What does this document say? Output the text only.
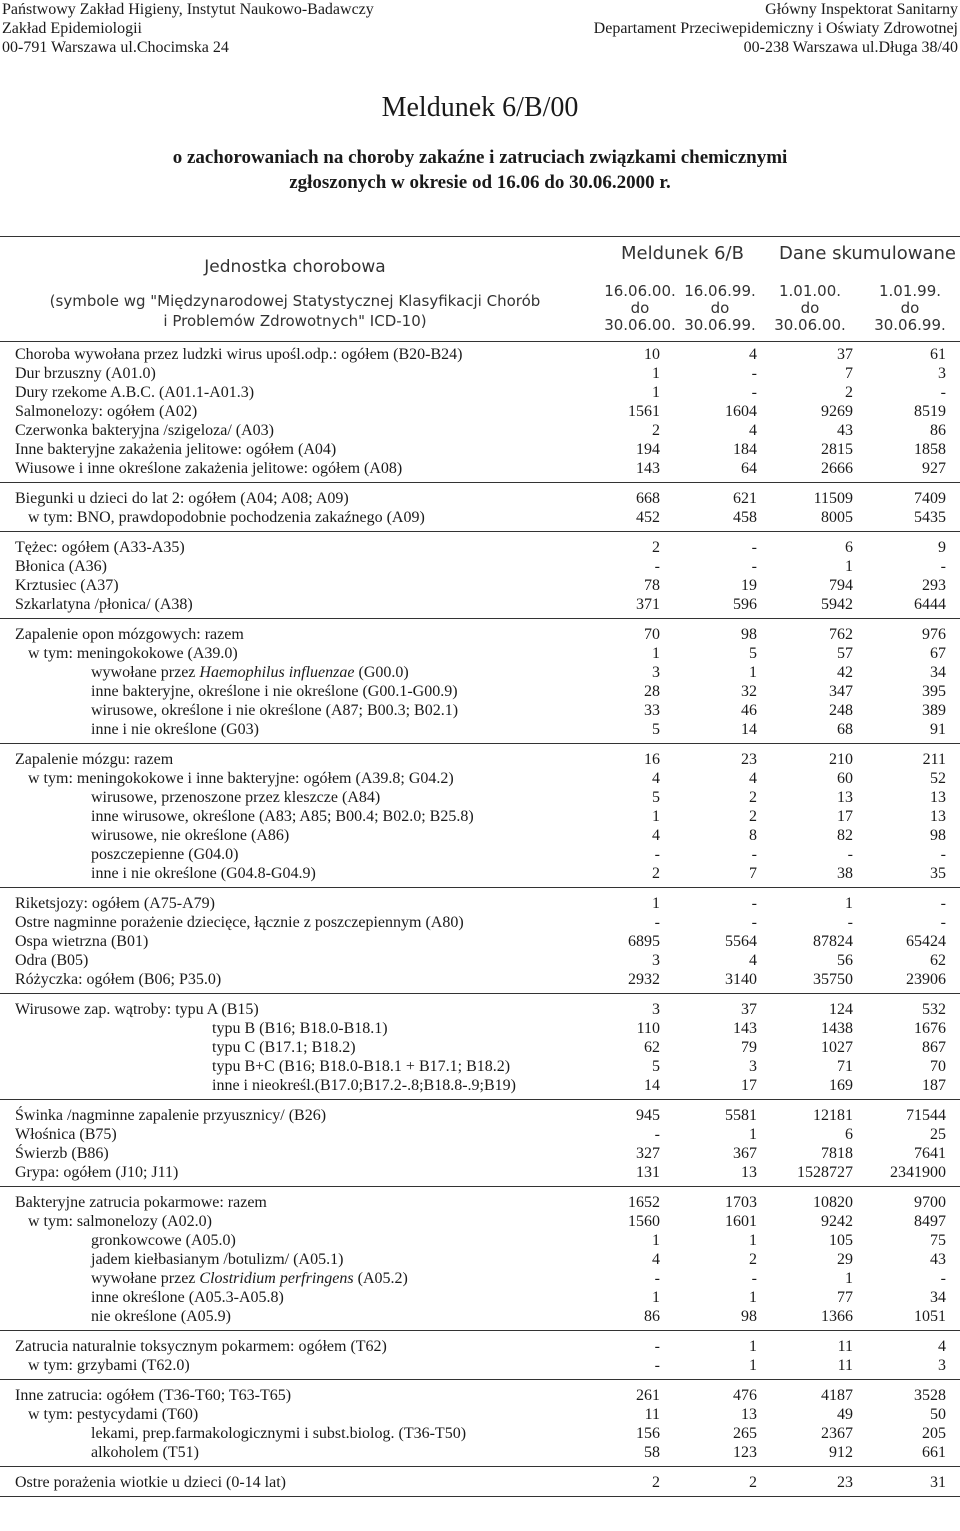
Państwowy Zakład Higieny, Instytut Naukowo-Badawczy
Zakład Epidemiologii
00-791 Warszawa ul.Chocimska 24
Główny Inspektorat Sanitarny
Departament Przeciwepidemiczny i Oświaty Zdrowotnej
00-238 Warszawa ul.Długa 38/40
Meldunek 6/B/00
o zachorowaniach na choroby zakaźne i zatruciach związkami chemicznymi
zgłoszonych w okresie od 16.06 do 30.06.2000 r.
Jednostka chorobowa
(symbole wg "Międzynarodowej Statystycznej Klasyfikacji Chorób
i Problemów Zdrowotnych" ICD-10)
Meldunek 6/B	Dane skumulowane
16.06.00.
do
30.06.00.
16.06.99.
do
30.06.99.
1.01.00.
do
30.06.00.
1.01.99.
do
30.06.99.
Choroba wywołana przez ludzki wirus upośl.odp.: ogółem (B20-B24)	10	4	37	61
Dur brzuszny (A01.0)	1	-	7	3
Dury rzekome A.B.C. (A01.1-A01.3)	1	-	2	-
Salmonelozy: ogółem (A02)	1561	1604	9269	8519
Czerwonka bakteryjna /szigeloza/ (A03)	2	4	43	86
Inne bakteryjne zakażenia jelitowe: ogółem (A04)	194	184	2815	1858
Wiusowe i inne określone zakażenia jelitowe: ogółem (A08)	143	64	2666	927
Biegunki u dzieci do lat 2: ogółem (A04; A08; A09)	668	621	11509	7409
w tym: BNO, prawdopodobnie pochodzenia zakaźnego (A09)	452	458	8005	5435
Tężec: ogółem (A33-A35)	2	-	6	9
Błonica (A36)	-	-	1	-
Krztusiec (A37)	78	19	794	293
Szkarlatyna /płonica/ (A38)	371	596	5942	6444
Zapalenie opon mózgowych: razem	70	98	762	976
w tym: meningokokowe (A39.0)	1	5	57	67
wywołane przez Haemophilus influenzae (G00.0)	3	1	42	34
inne bakteryjne, określone i nie określone (G00.1-G00.9)	28	32	347	395
wirusowe, określone i nie określone (A87; B00.3; B02.1)	33	46	248	389
inne i nie określone (G03)	5	14	68	91
Zapalenie mózgu: razem	16	23	210	211
w tym: meningokokowe i inne bakteryjne: ogółem (A39.8; G04.2)	4	4	60	52
wirusowe, przenoszone przez kleszcze (A84)	5	2	13	13
inne wirusowe, określone (A83; A85; B00.4; B02.0; B25.8)	1	2	17	13
wirusowe, nie określone (A86)	4	8	82	98
poszczepienne (G04.0)	-	-	-	-
inne i nie określone (G04.8-G04.9)	2	7	38	35
Riketsjozy: ogółem (A75-A79)	1	-	1	-
Ostre nagminne porażenie dziecięce, łącznie z poszczepiennym (A80)	-	-	-	-
Ospa wietrzna (B01)	6895	5564	87824	65424
Odra (B05)	3	4	56	62
Różyczka: ogółem (B06; P35.0)	2932	3140	35750	23906
Wirusowe zap. wątroby: typu A (B15)	3	37	124	532
typu B (B16; B18.0-B18.1)	110	143	1438	1676
typu C (B17.1; B18.2)	62	79	1027	867
typu B+C (B16; B18.0-B18.1 + B17.1; B18.2)	5	3	71	70
inne i nieokreśl.(B17.0;B17.2-.8;B18.8-.9;B19)	14	17	169	187
Świnka /nagminne zapalenie przyusznicy/ (B26)	945	5581	12181	71544
Włośnica (B75)	-	1	6	25
Świerzb (B86)	327	367	7818	7641
Grypa: ogółem (J10; J11)	131	13	1528727	2341900
Bakteryjne zatrucia pokarmowe: razem	1652	1703	10820	9700
w tym: salmonelozy (A02.0)	1560	1601	9242	8497
gronkowcowe (A05.0)	1	1	105	75
jadem kiełbasianym /botulizm/ (A05.1)	4	2	29	43
wywołane przez Clostridium perfringens (A05.2)	-	-	1	-
inne określone (A05.3-A05.8)	1	1	77	34
nie określone (A05.9)	86	98	1366	1051
Zatrucia naturalnie toksycznym pokarmem: ogółem (T62)	-	1	11	4
w tym: grzybami (T62.0)	-	1	11	3
Inne zatrucia: ogółem (T36-T60; T63-T65)	261	476	4187	3528
w tym: pestycydami (T60)	11	13	49	50
lekami, prep.farmakologicznymi i subst.biolog. (T36-T50)	156	265	2367	205
alkoholem (T51)	58	123	912	661
Ostre porażenia wiotkie u dzieci (0-14 lat)	2	2	23	31
